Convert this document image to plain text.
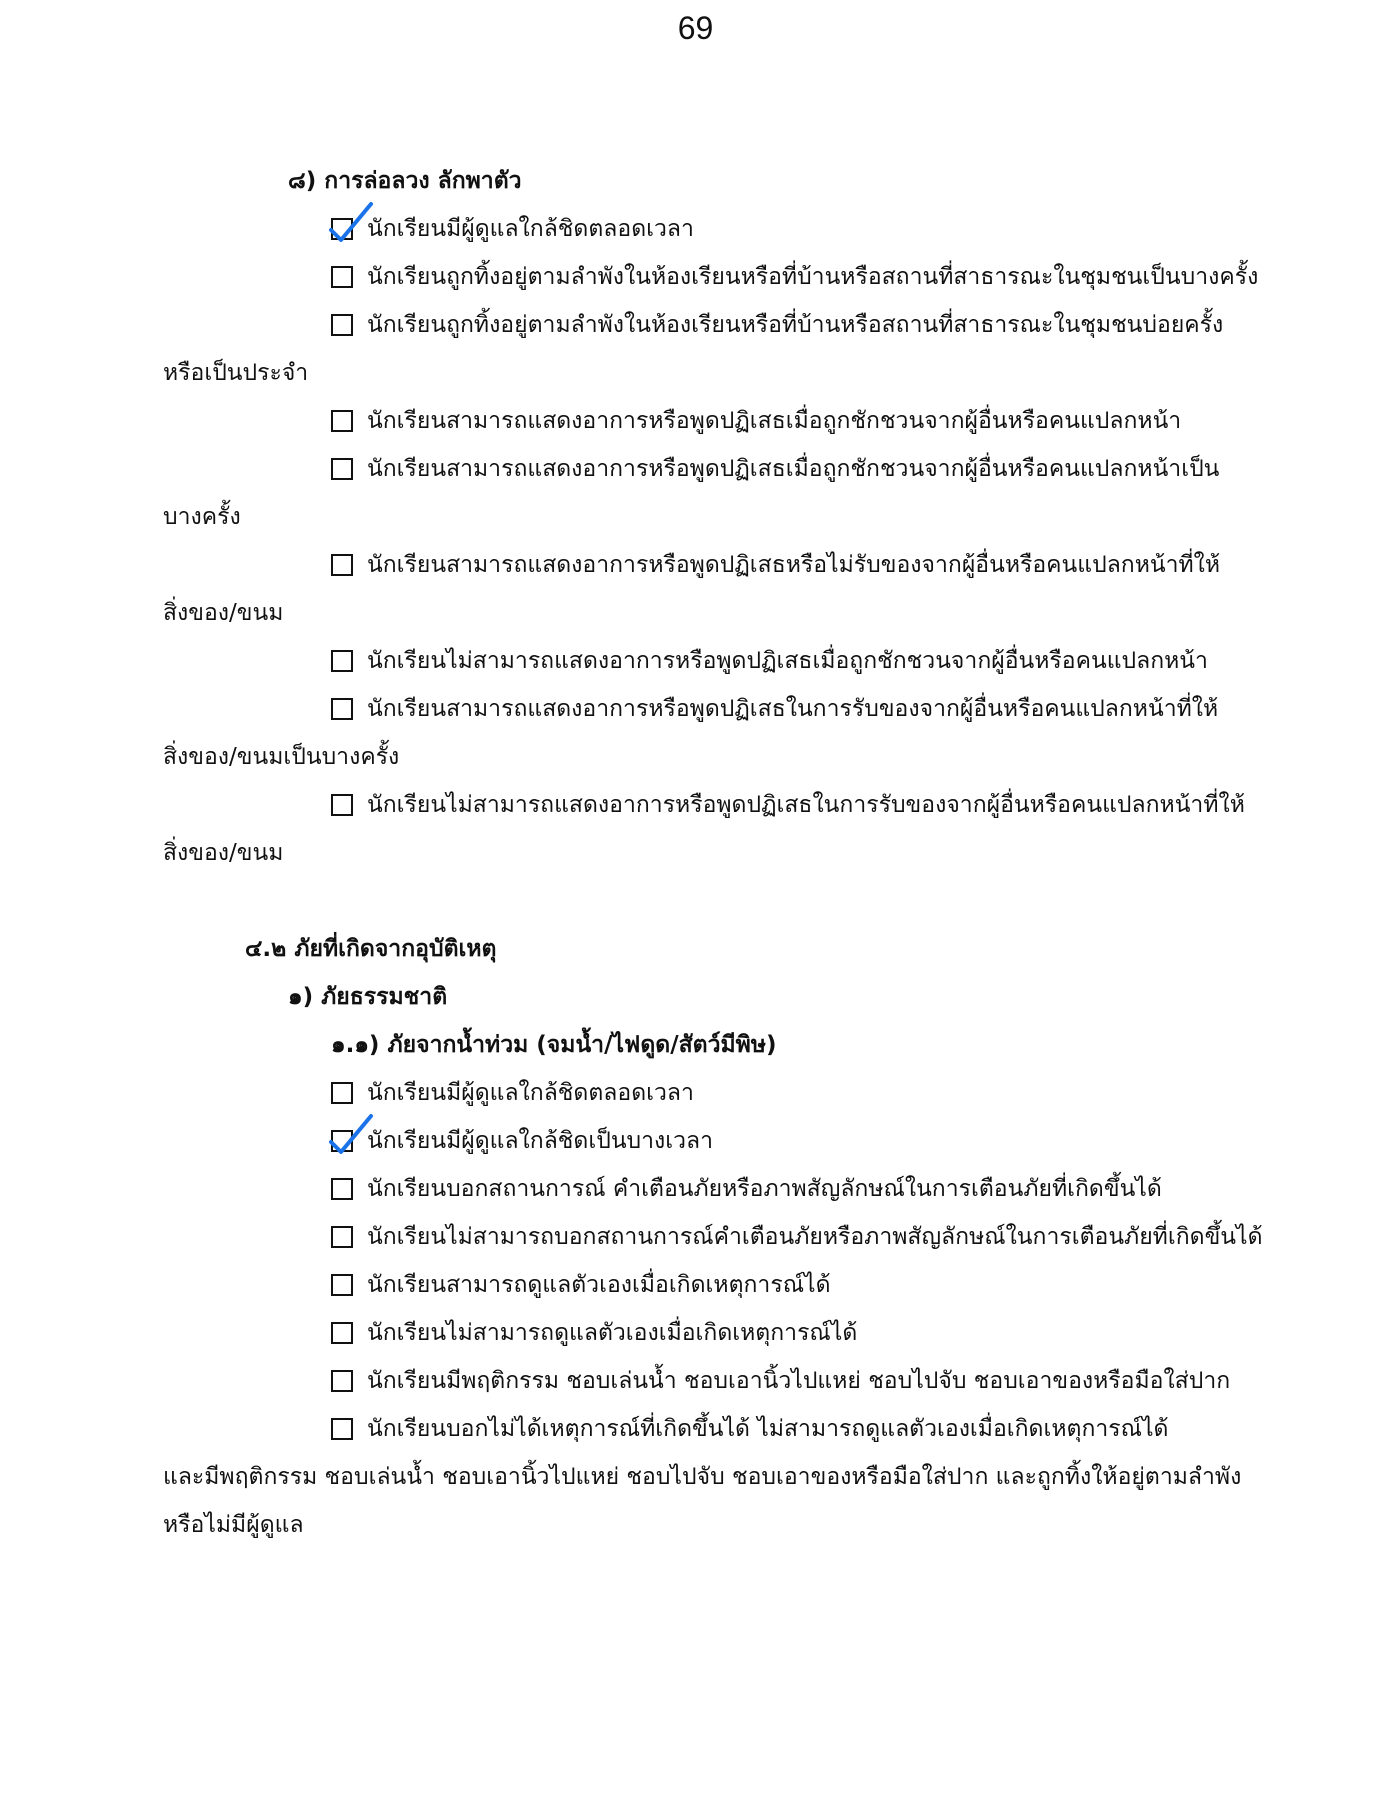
69
๘) การล่อลวง ลักพาตัว
นักเรียนมีผู้ดูแลใกล้ชิดตลอดเวลา
นักเรียนถูกทิ้งอยู่ตามลำพังในห้องเรียนหรือที่บ้านหรือสถานที่สาธารณะในชุมชนเป็นบางครั้ง
นักเรียนถูกทิ้งอยู่ตามลำพังในห้องเรียนหรือที่บ้านหรือสถานที่สาธารณะในชุมชนบ่อยครั้ง
หรือเป็นประจำ
นักเรียนสามารถแสดงอาการหรือพูดปฏิเสธเมื่อถูกชักชวนจากผู้อื่นหรือคนแปลกหน้า
นักเรียนสามารถแสดงอาการหรือพูดปฏิเสธเมื่อถูกชักชวนจากผู้อื่นหรือคนแปลกหน้าเป็น
บางครั้ง
นักเรียนสามารถแสดงอาการหรือพูดปฏิเสธหรือไม่รับของจากผู้อื่นหรือคนแปลกหน้าที่ให้
สิ่งของ/ขนม
นักเรียนไม่สามารถแสดงอาการหรือพูดปฏิเสธเมื่อถูกชักชวนจากผู้อื่นหรือคนแปลกหน้า
นักเรียนสามารถแสดงอาการหรือพูดปฏิเสธในการรับของจากผู้อื่นหรือคนแปลกหน้าที่ให้
สิ่งของ/ขนมเป็นบางครั้ง
นักเรียนไม่สามารถแสดงอาการหรือพูดปฏิเสธในการรับของจากผู้อื่นหรือคนแปลกหน้าที่ให้
สิ่งของ/ขนม
๔.๒ ภัยที่เกิดจากอุบัติเหตุ
๑) ภัยธรรมชาติ
๑.๑) ภัยจากน้ำท่วม (จมน้ำ/ไฟดูด/สัตว์มีพิษ)
นักเรียนมีผู้ดูแลใกล้ชิดตลอดเวลา
นักเรียนมีผู้ดูแลใกล้ชิดเป็นบางเวลา
นักเรียนบอกสถานการณ์ คำเตือนภัยหรือภาพสัญลักษณ์ในการเตือนภัยที่เกิดขึ้นได้
นักเรียนไม่สามารถบอกสถานการณ์คำเตือนภัยหรือภาพสัญลักษณ์ในการเตือนภัยที่เกิดขึ้นได้
นักเรียนสามารถดูแลตัวเองเมื่อเกิดเหตุการณ์ได้
นักเรียนไม่สามารถดูแลตัวเองเมื่อเกิดเหตุการณ์ได้
นักเรียนมีพฤติกรรม ชอบเล่นน้ำ ชอบเอานิ้วไปแหย่ ชอบไปจับ ชอบเอาของหรือมือใส่ปาก
นักเรียนบอกไม่ได้เหตุการณ์ที่เกิดขึ้นได้ ไม่สามารถดูแลตัวเองเมื่อเกิดเหตุการณ์ได้
และมีพฤติกรรม ชอบเล่นน้ำ ชอบเอานิ้วไปแหย่ ชอบไปจับ ชอบเอาของหรือมือใส่ปาก และถูกทิ้งให้อยู่ตามลำพัง
หรือไม่มีผู้ดูแล
